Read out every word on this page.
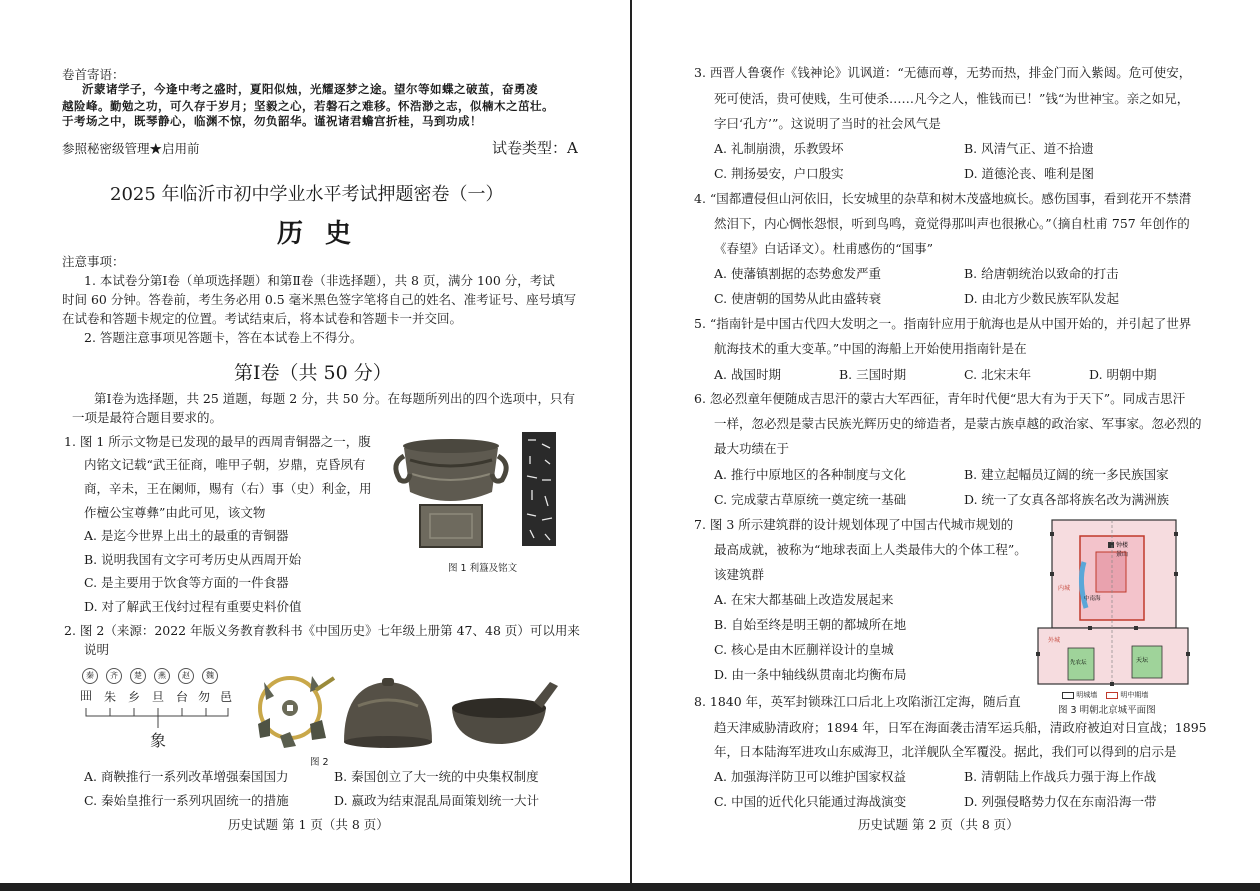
卷首寄语：
沂蒙诸学子，今逢中考之盛时，夏阳似烛，光耀逐梦之途。望尔等如蝶之破茧，奋勇凌
越险峰。勤勉之功，可久存于岁月；坚毅之心，若磐石之难移。怀浩渺之志，似楠木之茁壮。
于考场之中，既琴静心，临渊不惊，勿负韶华。谨祝诸君蟾宫折桂，马到功成！
参照秘密级管理★启用前	试卷类型：A
2025 年临沂市初中学业水平考试押题密卷（一）
历史
注意事项：
1. 本试卷分第Ⅰ卷（单项选择题）和第Ⅱ卷（非选择题），共 8 页，满分 100 分，考试
时间 60 分钟。答卷前，考生务必用 0.5 毫米黑色签字笔将自己的姓名、准考证号、座号填写
在试卷和答题卡规定的位置。考试结束后，将本试卷和答题卡一并交回。
2. 答题注意事项见答题卡，答在本试卷上不得分。
第Ⅰ卷（共 50 分）
第Ⅰ卷为选择题，共 25 道题，每题 2 分，共 50 分。在每题所列出的四个选项中，只有
一项是最符合题目要求的。
1. 图 1 所示文物是已发现的最早的西周青铜器之一，腹
内铭文记载“武王征商，唯甲子朝，岁鼎，克昏夙有
商，辛未，王在阑师，赐有（右）事（史）利金，用
作檀公宝尊彝”由此可见，该文物
A. 是迄今世界上出土的最重的青铜器
B. 说明我国有文字可考历史从西周开始
C. 是主要用于饮食等方面的一件食器
D. 对了解武王伐纣过程有重要史料价值
图 1 利簋及铭文
2. 图 2（来源：2022 年版义务教育教科书《中国历史》七年级上册第 47、48 页）可以用来
说明
秦	齐	楚	燕	赵	魏
𡆪 朱 乡 旦 台 勿 邑
象
图 2
A. 商鞅推行一系列改革增强秦国国力	B. 秦国创立了大一统的中央集权制度
C. 秦始皇推行一系列巩固统一的措施	D. 嬴政为结束混乱局面策划统一大计
历史试题 第 1 页（共 8 页）
3. 西晋人鲁褒作《钱神论》讥讽道：“无德而尊，无势而热，排金门而入紫闼。危可使安，
死可使活，贵可使贱，生可使杀……凡今之人，惟钱而已！”钱“为世神宝。亲之如兄，
字曰‘孔方’”。这说明了当时的社会风气是
A. 礼制崩溃，乐教毁坏	B. 风清气正、道不拾遗
C. 荆扬晏安，户口殷实	D. 道德沦丧、唯利是图
4. “国都遭侵但山河依旧，长安城里的杂草和树木茂盛地疯长。感伤国事，看到花开不禁潸
然泪下，内心惆怅怨恨，听到鸟鸣，竟觉得那叫声也很揪心。”（摘自杜甫 757 年创作的
《春望》白话译文）。杜甫感伤的“国事”
A. 使藩镇割据的态势愈发严重	B. 给唐朝统治以致命的打击
C. 使唐朝的国势从此由盛转衰	D. 由北方少数民族军队发起
5. “指南针是中国古代四大发明之一。指南针应用于航海也是从中国开始的，并引起了世界
航海技术的重大变革。”中国的海船上开始使用指南针是在
A. 战国时期	B. 三国时期	C. 北宋末年	D. 明朝中期
6. 忽必烈童年便随成吉思汗的蒙古大军西征，青年时代便“思大有为于天下”。同成吉思汗
一样，忽必烈是蒙古民族光辉历史的缔造者，是蒙古族卓越的政治家、军事家。忽必烈的
最大功绩在于
A. 推行中原地区的各种制度与文化	B. 建立起幅员辽阔的统一多民族国家
C. 完成蒙古草原统一奠定统一基础	D. 统一了女真各部将族名改为满洲族
7. 图 3 所示建筑群的设计规划体现了中国古代城市规划的
最高成就，被称为“地球表面上人类最伟大的个体工程”。
该建筑群
A. 在宋大都基础上改造发展起来
B. 自始至终是明王朝的都城所在地
C. 核心是由木匠蒯祥设计的皇城
D. 由一条中轴线纵贯南北均衡布局
钟楼
景山
中南海
天坛
先农坛
内城
外城
明城墙	明中期墙
图 3 明朝北京城平面图
8. 1840 年，英军封锁珠江口后北上攻陷浙江定海，随后直
趋天津威胁清政府；1894 年，日军在海面袭击清军运兵船，清政府被迫对日宣战；1895
年，日本陆海军进攻山东威海卫，北洋舰队全军覆没。据此，我们可以得到的启示是
A. 加强海洋防卫可以维护国家权益	B. 清朝陆上作战兵力强于海上作战
C. 中国的近代化只能通过海战演变	D. 列强侵略势力仅在东南沿海一带
历史试题 第 2 页（共 8 页）
